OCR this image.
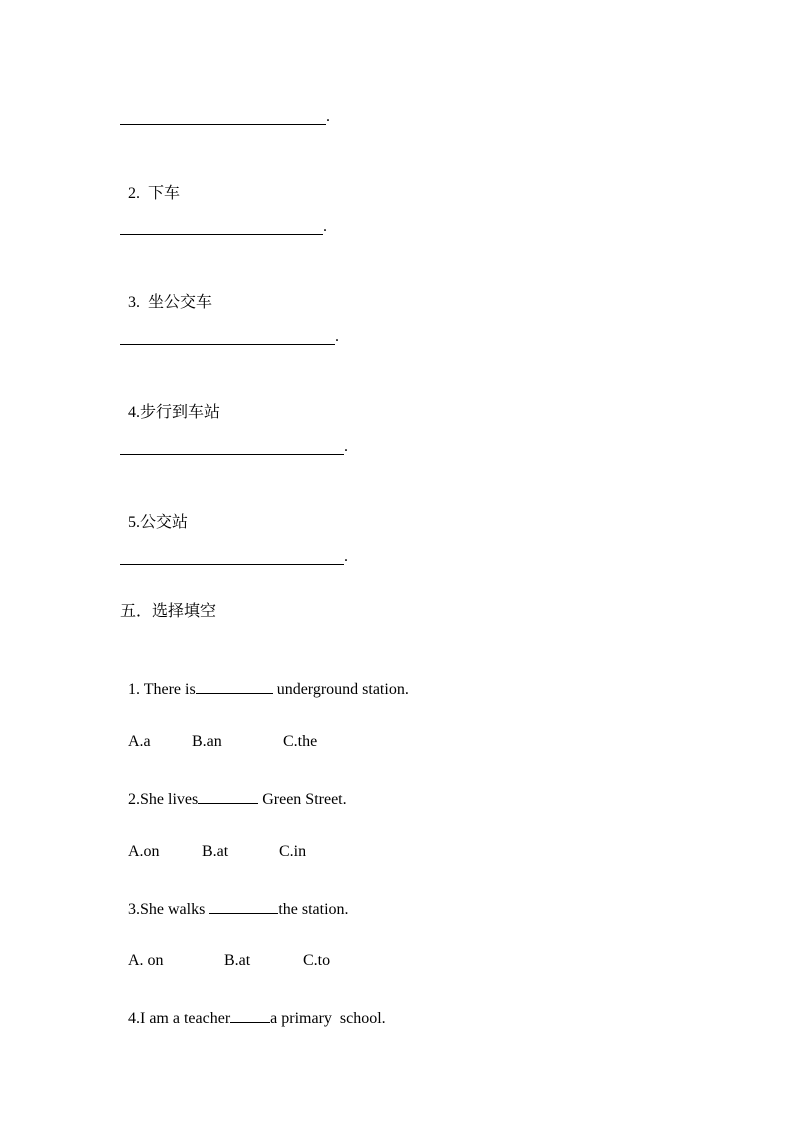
.

2. 下车

.

3. 坐公交车

.

4.步行到车站

.

5.公交站

.
五．选择填空

1. There is	underground station.

A.a	B.an	C.the

2.She lives	Green Street.

A.on	B.at	C.in

3.She walks	the station.

A. on	B.at	C.to

4.I am a teacher	a primary  school.
